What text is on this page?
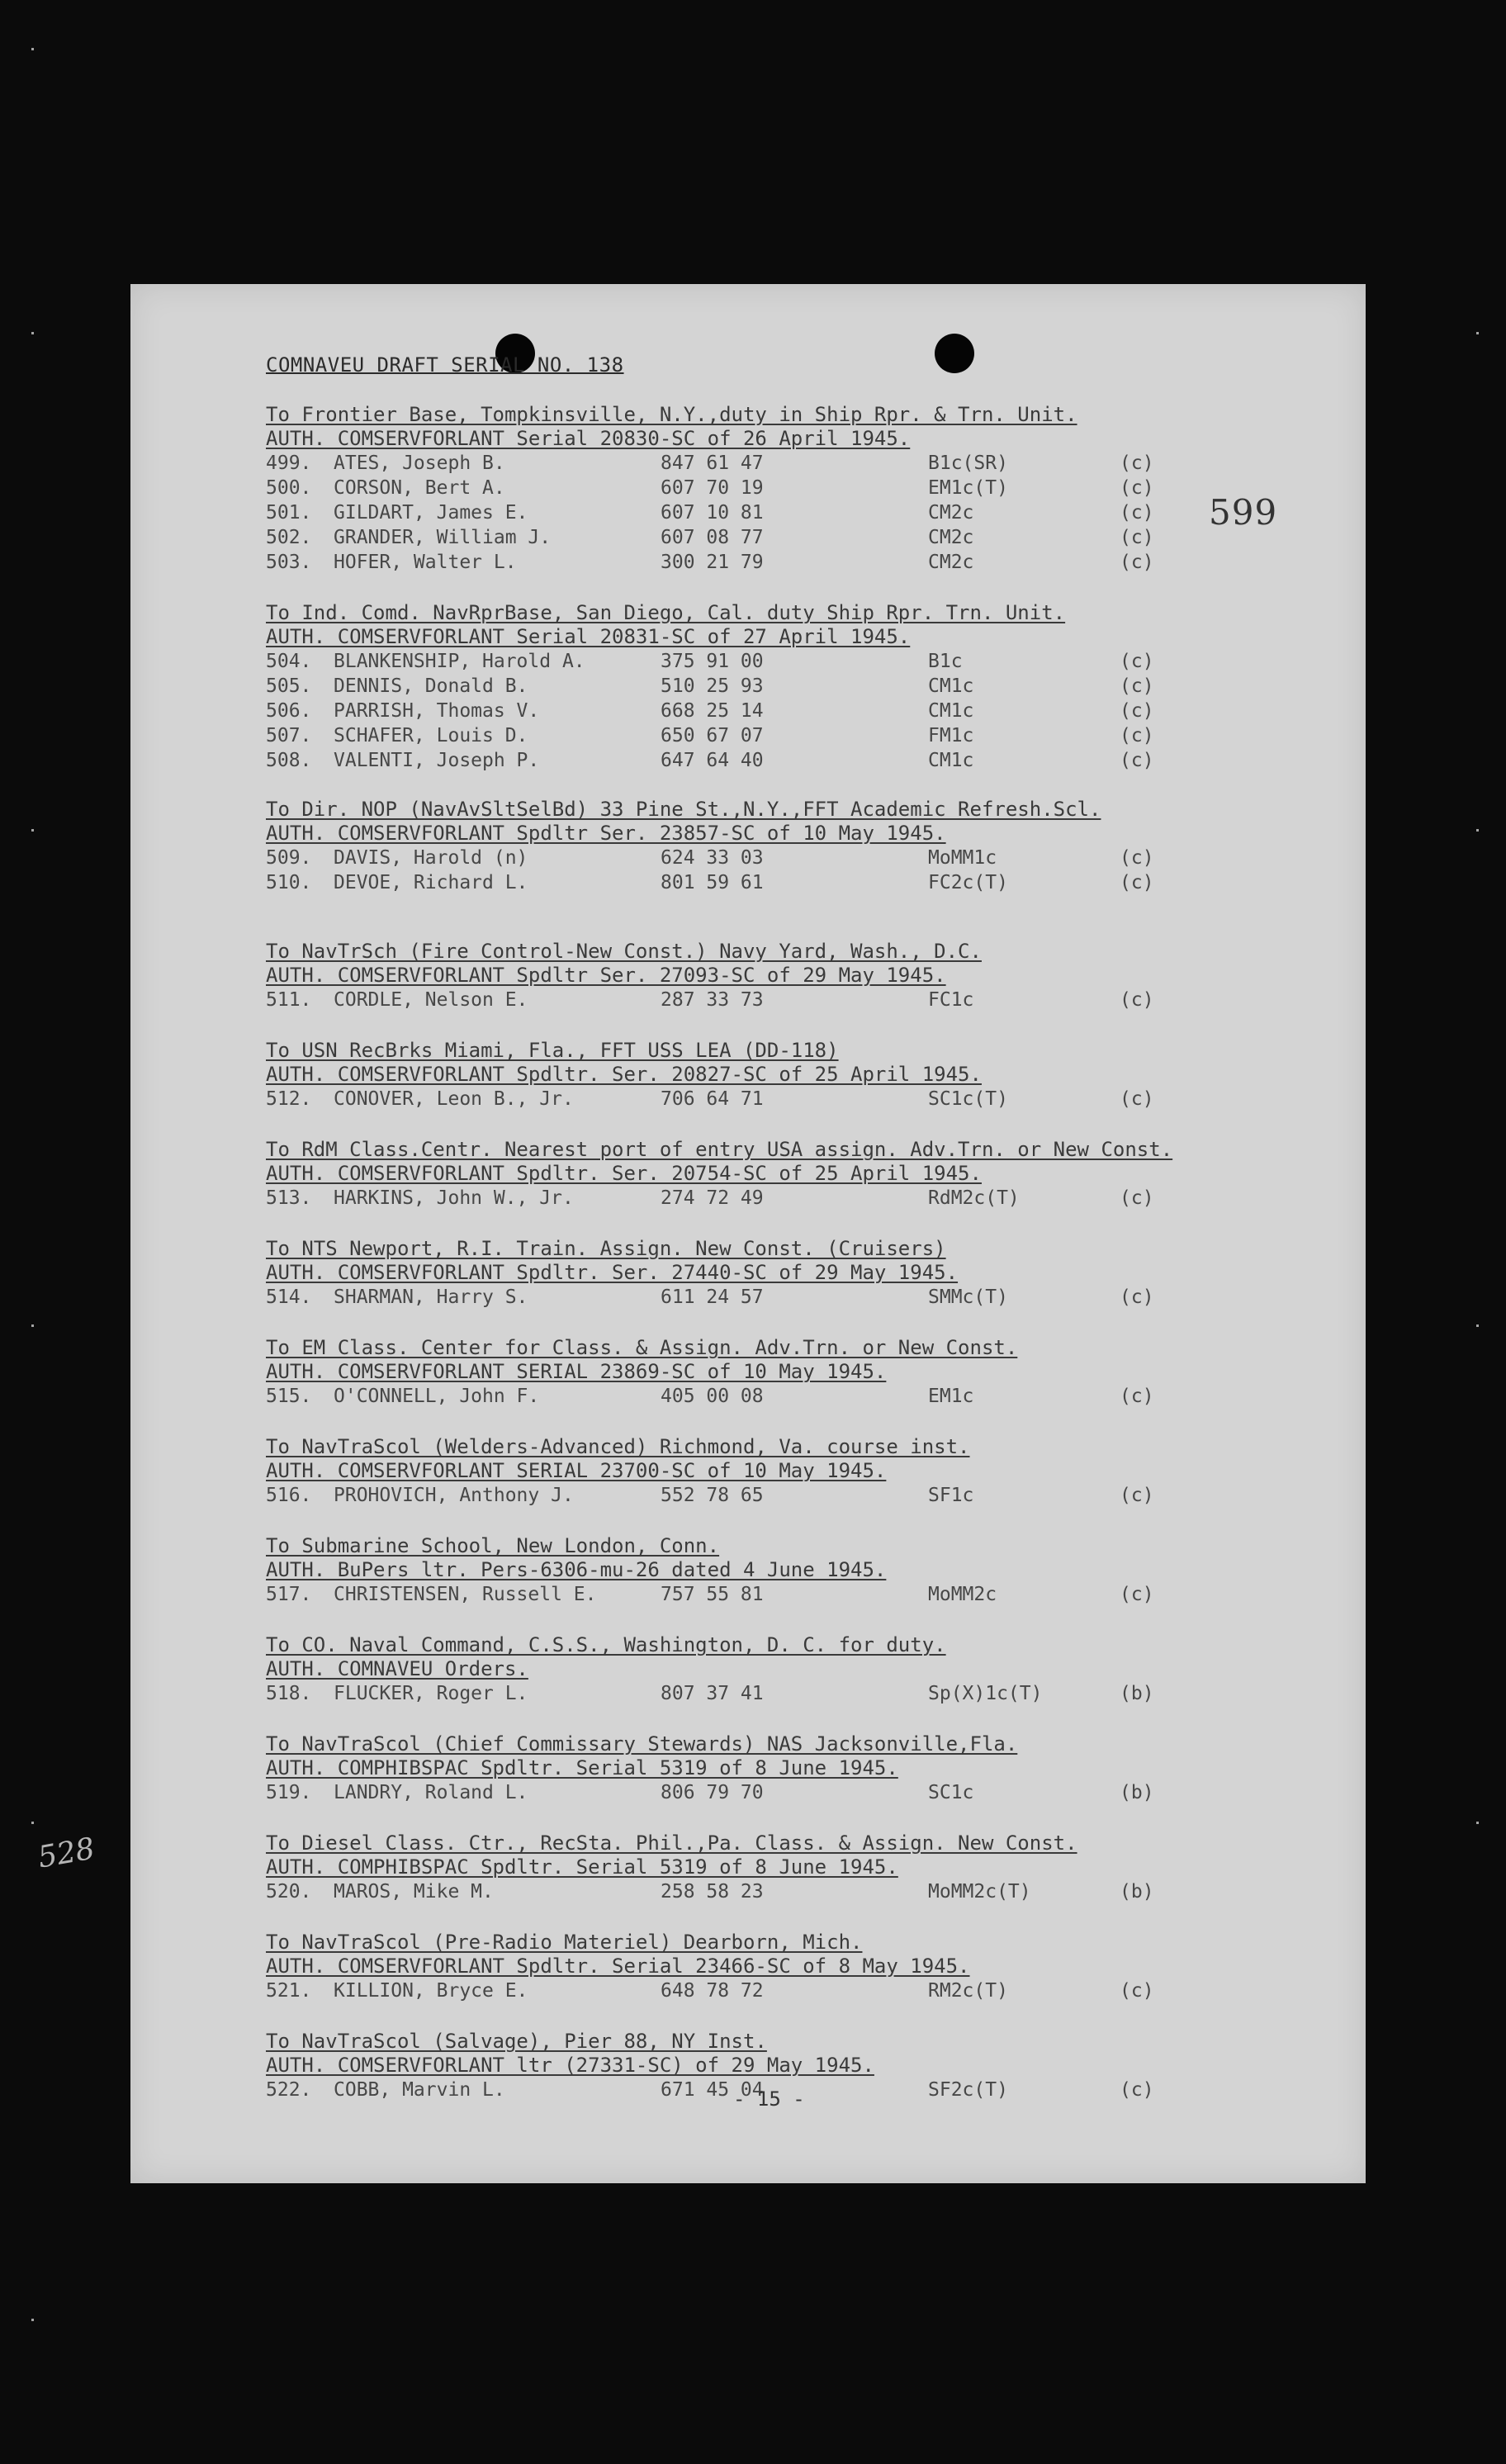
COMNAVEU DRAFT SERIAL NO. 138
599
To Frontier Base, Tompkinsville, N.Y.,duty in Ship Rpr. & Trn. Unit.
AUTH. COMSERVFORLANT Serial 20830-SC of 26 April 1945.
499. ATES, Joseph B.	847 61 47	B1c(SR)	(c)
500. CORSON, Bert A.	607 70 19	EM1c(T)	(c)
501. GILDART, James E.	607 10 81	CM2c	(c)
502. GRANDER, William J.	607 08 77	CM2c	(c)
503. HOFER, Walter L.	300 21 79	CM2c	(c)
To Ind. Comd. NavRprBase, San Diego, Cal. duty Ship Rpr. Trn. Unit.
AUTH. COMSERVFORLANT Serial 20831-SC of 27 April 1945.
504. BLANKENSHIP, Harold A.	375 91 00	B1c	(c)
505. DENNIS, Donald B.	510 25 93	CM1c	(c)
506. PARRISH, Thomas V.	668 25 14	CM1c	(c)
507. SCHAFER, Louis D.	650 67 07	FM1c	(c)
508. VALENTI, Joseph P.	647 64 40	CM1c	(c)
To Dir. NOP (NavAvSltSelBd) 33 Pine St.,N.Y.,FFT Academic Refresh.Scl.
AUTH. COMSERVFORLANT Spdltr Ser. 23857-SC of 10 May 1945.
509. DAVIS, Harold (n)	624 33 03	MoMM1c	(c)
510. DEVOE, Richard L.	801 59 61	FC2c(T)	(c)
To NavTrSch (Fire Control-New Const.) Navy Yard, Wash., D.C.
AUTH. COMSERVFORLANT Spdltr Ser. 27093-SC of 29 May 1945.
511. CORDLE, Nelson E.	287 33 73	FC1c	(c)
To USN RecBrks Miami, Fla., FFT USS LEA (DD-118)
AUTH. COMSERVFORLANT Spdltr. Ser. 20827-SC of 25 April 1945.
512. CONOVER, Leon B., Jr.	706 64 71	SC1c(T)	(c)
To RdM Class.Centr. Nearest port of entry USA assign. Adv.Trn. or New Const.
AUTH. COMSERVFORLANT Spdltr. Ser. 20754-SC of 25 April 1945.
513. HARKINS, John W., Jr.	274 72 49	RdM2c(T)	(c)
To NTS Newport, R.I. Train. Assign. New Const. (Cruisers)
AUTH. COMSERVFORLANT Spdltr. Ser. 27440-SC of 29 May 1945.
514. SHARMAN, Harry S.	611 24 57	SMMc(T)	(c)
To EM Class. Center for Class. & Assign. Adv.Trn. or New Const.
AUTH. COMSERVFORLANT SERIAL 23869-SC of 10 May 1945.
515. O'CONNELL, John F.	405 00 08	EM1c	(c)
To NavTraScol (Welders-Advanced) Richmond, Va. course inst.
AUTH. COMSERVFORLANT SERIAL 23700-SC of 10 May 1945.
516. PROHOVICH, Anthony J.	552 78 65	SF1c	(c)
To Submarine School, New London, Conn.
AUTH. BuPers ltr. Pers-6306-mu-26 dated 4 June 1945.
517. CHRISTENSEN, Russell E.	757 55 81	MoMM2c	(c)
To CO. Naval Command, C.S.S., Washington, D. C. for duty.
AUTH. COMNAVEU Orders.
518. FLUCKER, Roger L.	807 37 41	Sp(X)1c(T)	(b)
To NavTraScol (Chief Commissary Stewards) NAS Jacksonville,Fla.
AUTH. COMPHIBSPAC Spdltr. Serial 5319 of 8 June 1945.
519. LANDRY, Roland L.	806 79 70	SC1c	(b)
To Diesel Class. Ctr., RecSta. Phil.,Pa. Class. & Assign. New Const.
AUTH. COMPHIBSPAC Spdltr. Serial 5319 of 8 June 1945.
520. MAROS, Mike M.	258 58 23	MoMM2c(T)	(b)
To NavTraScol (Pre-Radio Materiel) Dearborn, Mich.
AUTH. COMSERVFORLANT Spdltr. Serial 23466-SC of 8 May 1945.
521. KILLION, Bryce E.	648 78 72	RM2c(T)	(c)
To NavTraScol (Salvage), Pier 88, NY Inst.
AUTH. COMSERVFORLANT ltr (27331-SC) of 29 May 1945.
522. COBB, Marvin L.	671 45 04	SF2c(T)	(c)
- 15 -
528
